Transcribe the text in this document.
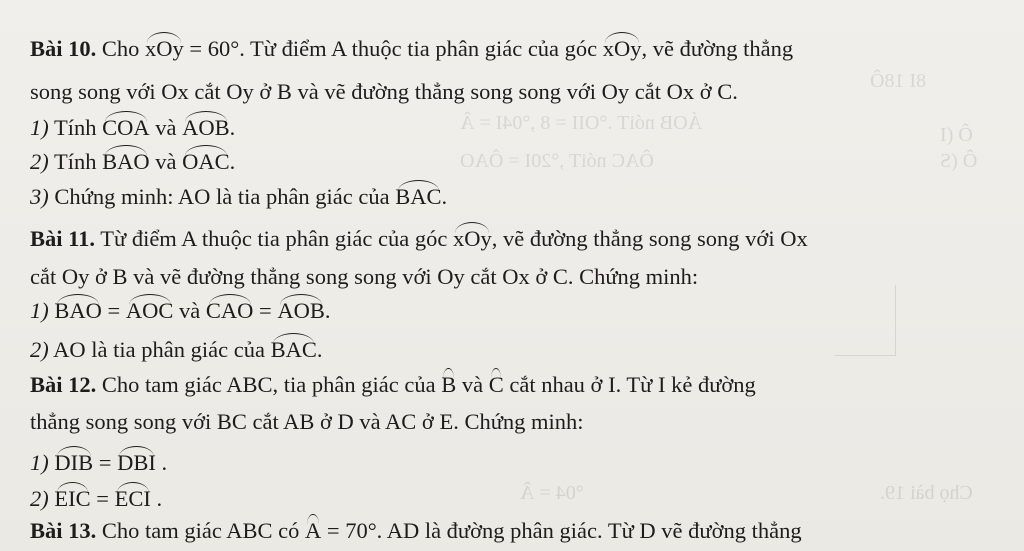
8I 18Ô
ÁOB nóiT .°OII = 8 ,°04I = Â
Ô (I
ÔAC nóiT ,°20I = ÔAO	Ô (S
°04 = Â	Chọ bài 19.
Bài 10. Cho xOy = 60°. Từ điểm A thuộc tia phân giác của góc xOy, vẽ đường thẳng
song song với Ox cắt Oy ở B và vẽ đường thẳng song song với Oy cắt Ox ở C.
1) Tính COA và AOB.
2) Tính BAO và OAC.
3) Chứng minh: AO là tia phân giác của BAC.
Bài 11. Từ điểm A thuộc tia phân giác của góc xOy, vẽ đường thẳng song song với Ox
cắt Oy ở B và vẽ đường thẳng song song với Oy cắt Ox ở C. Chứng minh:
1) BAO = AOC và CAO = AOB.
2) AO là tia phân giác của BAC.
Bài 12. Cho tam giác ABC, tia phân giác của B và C cắt nhau ở I. Từ I kẻ đường
thẳng song song với BC cắt AB ở D và AC ở E. Chứng minh:
1) DIB = DBI .
2) EIC = ECI .
Bài 13. Cho tam giác ABC có A = 70°. AD là đường phân giác. Từ D vẽ đường thẳng
